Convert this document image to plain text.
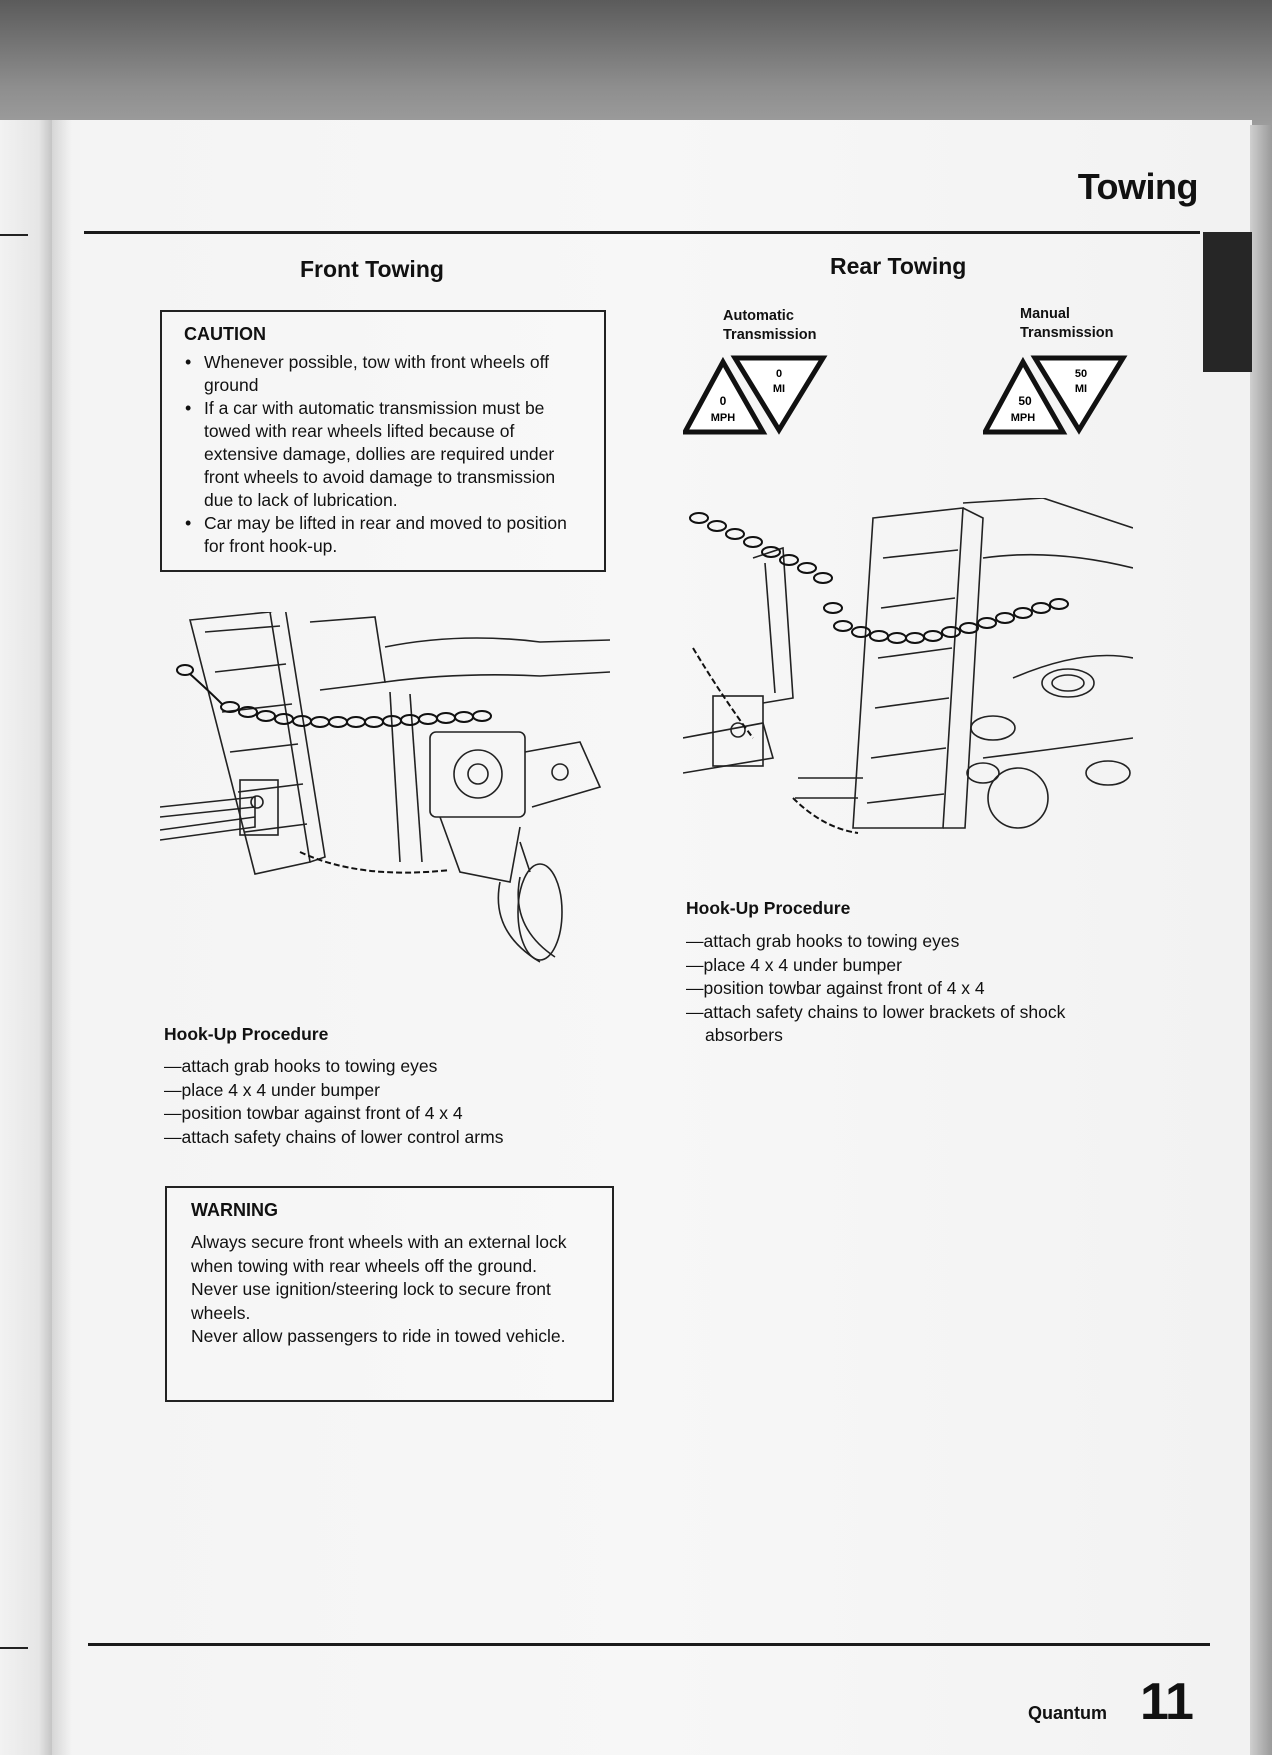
Towing
Front Towing
CAUTION
• Whenever possible, tow with front wheels off ground
• If a car with automatic transmission must be towed with rear wheels lifted because of extensive damage, dollies are required under front wheels to avoid damage to transmission due to lack of lubrication.
• Car may be lifted in rear and moved to position for front hook-up.
Hook-Up Procedure
—attach grab hooks to towing eyes
—place 4 x 4 under bumper
—position towbar against front of 4 x 4
—attach safety chains of lower control arms
WARNING

Always secure front wheels with an external lock when towing with rear wheels off the ground.

Never use ignition/steering lock to secure front wheels.

Never allow passengers to ride in towed vehicle.

Rear Towing
Automatic
Transmission
0
MPH
0
MI
Manual
Transmission
50
MPH
50
MI
Hook-Up Procedure
—attach grab hooks to towing eyes
—place 4 x 4 under bumper
—position towbar against front of 4 x 4
—attach safety chains to lower brackets of shock absorbers
Quantum 11
